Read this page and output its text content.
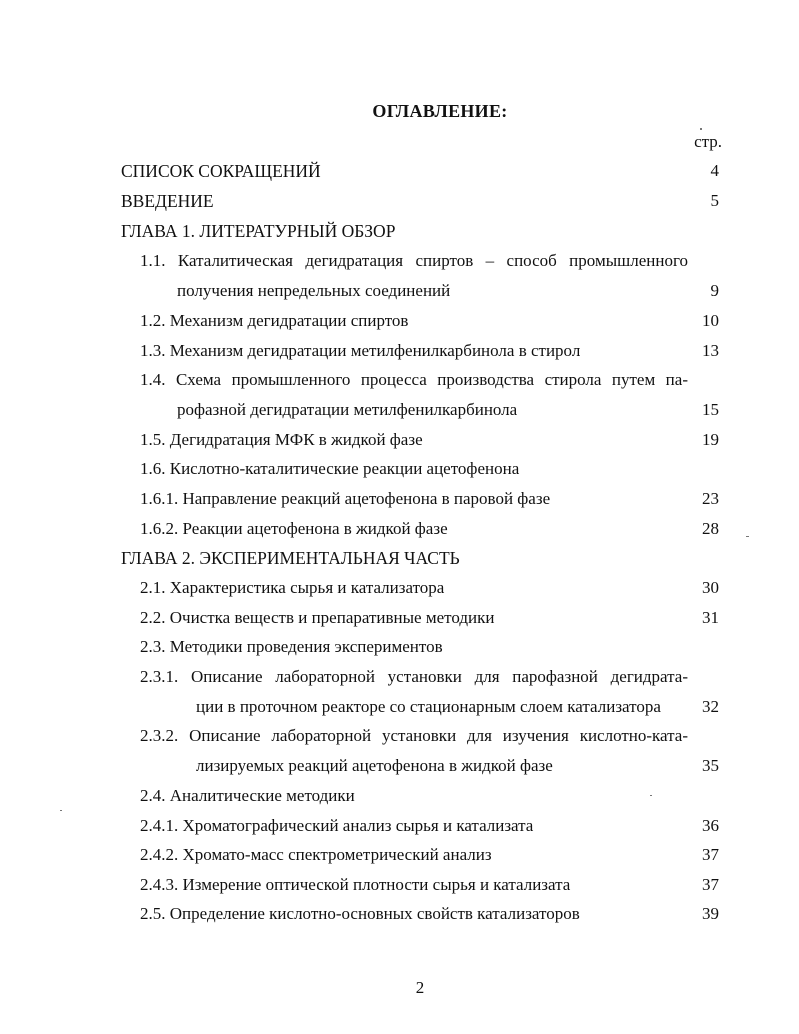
ОГЛАВЛЕНИЕ:
стр.
СПИСОК СОКРАЩЕНИЙ	4
ВВЕДЕНИЕ	5
ГЛАВА 1. ЛИТЕРАТУРНЫЙ ОБЗОР
1.1. Каталитическая дегидратация спиртов – способ промышленного
получения непредельных соединений	9
1.2. Механизм дегидратации спиртов	10
1.3. Механизм дегидратации метилфенилкарбинола в стирол	13
1.4. Схема промышленного процесса производства стирола путем па-
рофазной дегидратации метилфенилкарбинола	15
1.5. Дегидратация МФК в жидкой фазе	19
1.6. Кислотно-каталитические реакции ацетофенона
1.6.1. Направление реакций ацетофенона в паровой фазе	23
1.6.2. Реакции ацетофенона в жидкой фазе	28
ГЛАВА 2. ЭКСПЕРИМЕНТАЛЬНАЯ ЧАСТЬ
2.1. Характеристика сырья и катализатора	30
2.2. Очистка веществ и препаративные методики	31
2.3. Методики проведения экспериментов
2.3.1. Описание лабораторной установки для парофазной дегидрата-
ции в проточном реакторе со стационарным слоем катализатора 32
2.3.2. Описание лабораторной установки для изучения кислотно-ката-
лизируемых реакций ацетофенона в жидкой фазе	35
2.4. Аналитические методики
2.4.1. Хроматографический анализ сырья и катализата	36
2.4.2. Хромато-масс спектрометрический анализ	37
2.4.3. Измерение оптической плотности сырья и катализата	37
2.5. Определение кислотно-основных свойств катализаторов	39
2
